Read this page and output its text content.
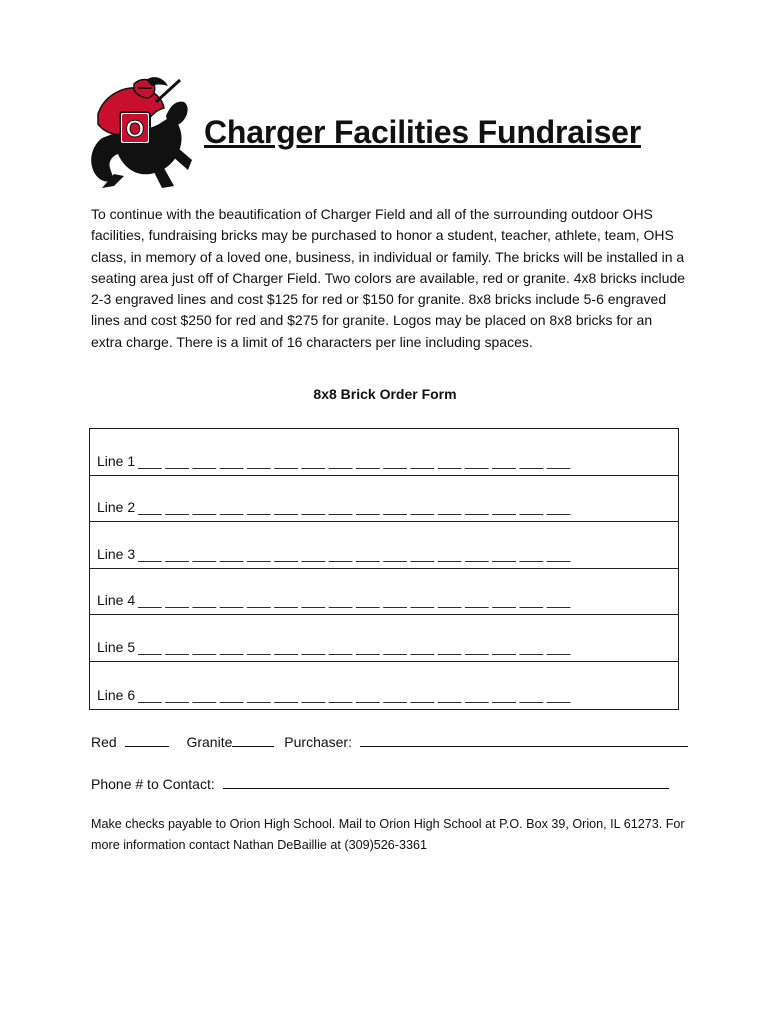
O Charger Facilities Fundraiser

To continue with the beautification of Charger Field and all of the surrounding outdoor OHS facilities, fundraising bricks may be purchased to honor a student, teacher, athlete, team, OHS class, in memory of a loved one, business, in individual or family. The bricks will be installed in a seating area just off of Charger Field. Two colors are available, red or granite. 4x8 bricks include 2-3 engraved lines and cost $125 for red or $150 for granite. 8x8 bricks include 5-6 engraved lines and cost $250 for red and $275 for granite. Logos may be placed on 8x8 bricks for an extra charge. There is a limit of 16 characters per line including spaces.

8x8 Brick Order Form

Line 1 ___ ___ ___ ___ ___ ___ ___ ___ ___ ___ ___ ___ ___ ___ ___ ___
Line 2 ___ ___ ___ ___ ___ ___ ___ ___ ___ ___ ___ ___ ___ ___ ___ ___
Line 3 ___ ___ ___ ___ ___ ___ ___ ___ ___ ___ ___ ___ ___ ___ ___ ___
Line 4 ___ ___ ___ ___ ___ ___ ___ ___ ___ ___ ___ ___ ___ ___ ___ ___
Line 5 ___ ___ ___ ___ ___ ___ ___ ___ ___ ___ ___ ___ ___ ___ ___ ___
Line 6 ___ ___ ___ ___ ___ ___ ___ ___ ___ ___ ___ ___ ___ ___ ___ ___

Red	Granite	Purchaser:

Phone # to Contact:

Make checks payable to Orion High School. Mail to Orion High School at P.O. Box 39, Orion, IL 61273. For more information contact Nathan DeBaillie at (309)526-3361
